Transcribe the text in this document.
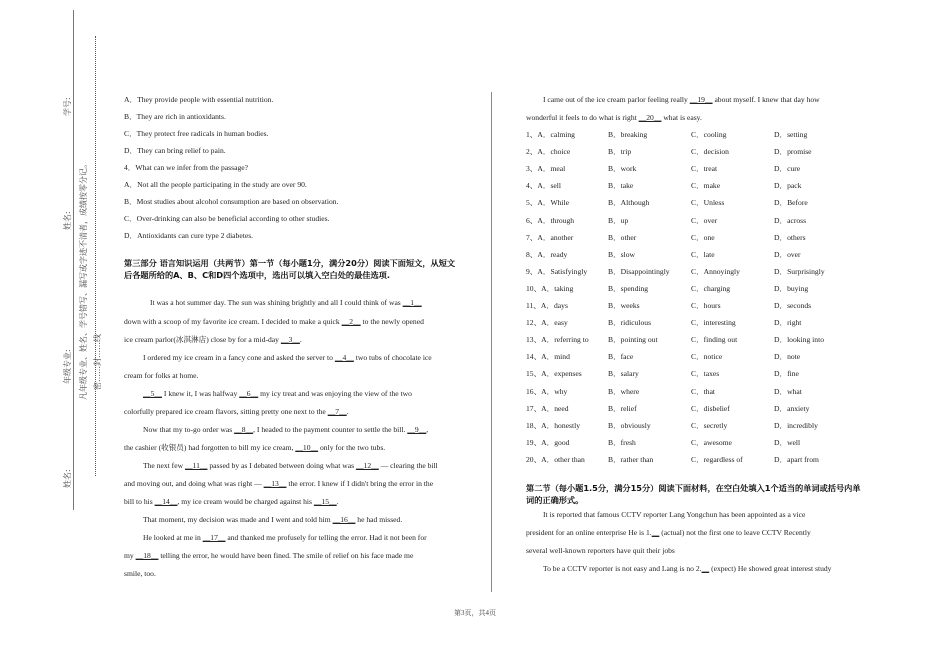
学号:
姓名:
年级专业:
姓名:
凡年级专业、姓名、学号错写、漏写或字迹不清者，成绩按零分记。 密……封……线
A．They provide people with essential nutrition.
B．They are rich in antioxidants.
C．They protect free radicals in human bodies.
D．They can bring relief to pain.
4．What can we infer from the passage?
A．Not all the people participating in the study are over 90.
B．Most studies about alcohol consumption are based on observation.
C．Over-drinking can also be beneficial according to other studies.
D．Antioxidants can cure type 2 diabetes.
第三部分 语言知识运用（共两节）第一节（每小题1分，满分20分）阅读下面短文，从短文后各题所给的A、B、C和D四个选项中，选出可以填入空白处的最佳选项.
It was a hot summer day. The sun was shining brightly and all I could think of was __1__
down with a scoop of my favorite ice cream. I decided to make a quick __2__ to the newly opened
ice cream parlor(冰淇淋店) close by for a mid-day __3__.
I ordered my ice cream in a fancy cone and asked the server to __4__ two tubs of chocolate ice
cream for folks at home.
__5__ I knew it, I was halfway __6__ my icy treat and was enjoying the view of the two
colorfully prepared ice cream flavors, sitting pretty one next to the __7__.
Now that my to-go order was __8__, I headed to the payment counter to settle the bill. __9__,
the cashier (收银员) had forgotten to bill my ice cream, __10__ only for the two tubs.
The next few __11__ passed by as I debated between doing what was __12__ — clearing the bill
and moving out, and doing what was right — __13__ the error. I knew if I didn't bring the error in the
bill to his __14__, my ice cream would be charged against his __15__.
That moment, my decision was made and I went and told him __16__ he had missed.
He looked at me in __17__ and thanked me profusely for telling the error. Had it not been for
my __18__ telling the error, he would have been fined. The smile of relief on his face made me
smile, too.
I came out of the ice cream parlor feeling really __19__ about myself. I knew that day how
wonderful it feels to do what is right __20__ what is easy.
1、A．calming	B．breaking	C．cooling	D．setting
2、A．choice	B．trip	C．decision	D．promise
3、A．meal	B．work	C．treat	D．cure
4、A．sell	B．take	C．make	D．pack
5、A．While	B．Although	C．Unless	D．Before
6、A．through	B．up	C．over	D．across
7、A．another	B．other	C．one	D．others
8、A．ready	B．slow	C．late	D．over
9、A．Satisfyingly	B．Disappointingly	C．Annoyingly	D．Surprisingly
10、A．taking	B．spending	C．charging	D．buying
11、A．days	B．weeks	C．hours	D．seconds
12、A．easy	B．ridiculous	C．interesting	D．right
13、A．referring to	B．pointing out	C．finding out	D．looking into
14、A．mind	B．face	C．notice	D．note
15、A．expenses	B．salary	C．taxes	D．fine
16、A．why	B．where	C．that	D．what
17、A．need	B．relief	C．disbelief	D．anxiety
18、A．honestly	B．obviously	C．secretly	D．incredibly
19、A．good	B．fresh	C．awesome	D．well
20、A．other than	B．rather than	C．regardless of	D．apart from
第二节（每小题1.5分，满分15分）阅读下面材料，在空白处填入1个适当的单词或括号内单词的正确形式。
It is reported that famous CCTV reporter Lang Yongchun has been appointed as a vice
president for an online enterprise He is 1.__ (actual) not the first one to leave CCTV Recently
several well-known reporters have quit their jobs
To be a CCTV reporter is not easy and Lang is no 2.__ (expect) He showed great interest study
第3页，共4页
